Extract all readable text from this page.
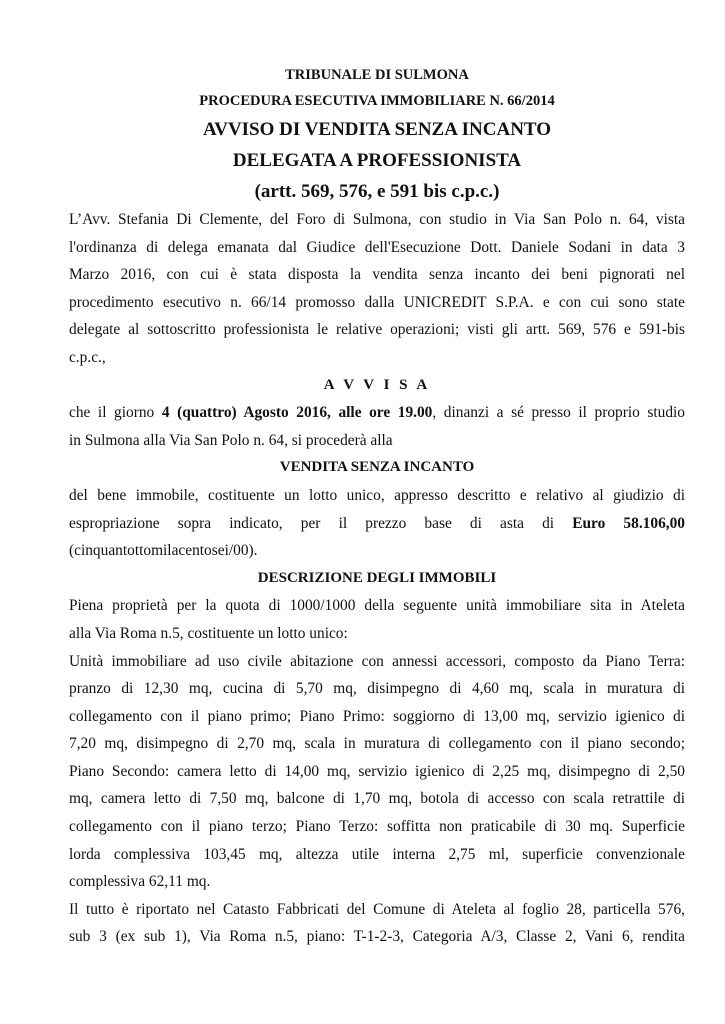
TRIBUNALE DI SULMONA

PROCEDURA ESECUTIVA IMMOBILIARE N. 66/2014

AVVISO DI VENDITA SENZA INCANTO

DELEGATA A PROFESSIONISTA

(artt. 569, 576, e 591 bis c.p.c.)

L’Avv. Stefania Di Clemente, del Foro di Sulmona, con studio in Via San Polo n. 64, vista

l'ordinanza di delega emanata dal Giudice dell'Esecuzione Dott. Daniele Sodani in data 3

Marzo 2016, con cui è stata disposta la vendita senza incanto dei beni pignorati nel

procedimento esecutivo n. 66/14 promosso dalla UNICREDIT S.P.A. e con cui sono state

delegate al sottoscritto professionista le relative operazioni; visti gli artt. 569, 576 e 591-bis

c.p.c.,

A V V I S A

che il giorno 4 (quattro) Agosto 2016, alle ore 19.00, dinanzi a sé presso il proprio studio

in Sulmona alla Via San Polo n. 64, si procederà alla

VENDITA SENZA INCANTO

del bene immobile, costituente un lotto unico, appresso descritto e relativo al giudizio di

espropriazione sopra indicato, per il prezzo base di asta di Euro 58.106,00

(cinquantottomilacentosei/00).

DESCRIZIONE DEGLI IMMOBILI

Piena proprietà per la quota di 1000/1000 della seguente unità immobiliare sita in Ateleta

alla Via Roma n.5, costituente un lotto unico:

Unità immobiliare ad uso civile abitazione con annessi accessori, composto da Piano Terra:

pranzo di 12,30 mq, cucina di 5,70 mq, disimpegno di 4,60 mq, scala in muratura di

collegamento con il piano primo; Piano Primo: soggiorno di 13,00 mq, servizio igienico di

7,20 mq, disimpegno di 2,70 mq, scala in muratura di collegamento con il piano secondo;

Piano Secondo: camera letto di 14,00 mq, servizio igienico di 2,25 mq, disimpegno di 2,50

mq, camera letto di 7,50 mq, balcone di 1,70 mq, botola di accesso con scala retrattile di

collegamento con il piano terzo; Piano Terzo: soffitta non praticabile di 30 mq. Superficie

lorda complessiva 103,45 mq, altezza utile interna 2,75 ml, superficie convenzionale

complessiva 62,11 mq.

Il tutto è riportato nel Catasto Fabbricati del Comune di Ateleta al foglio 28, particella 576,

sub 3 (ex sub 1), Via Roma n.5, piano: T-1-2-3, Categoria A/3, Classe 2, Vani 6, rendita
